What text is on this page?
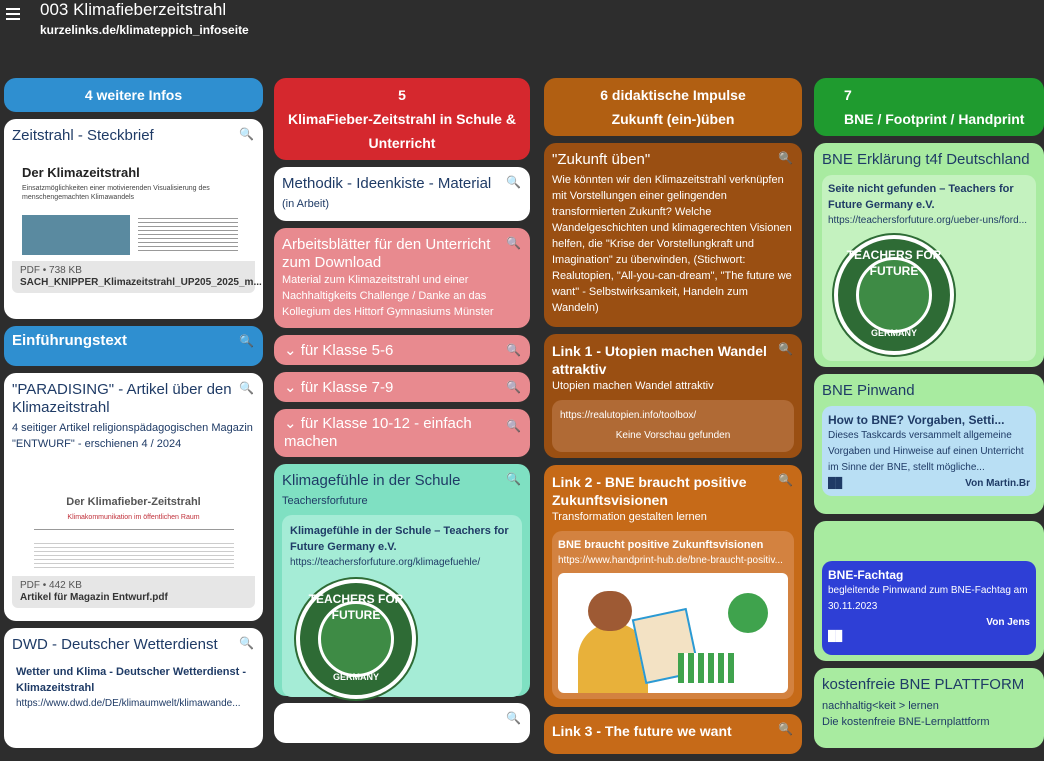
003 Klimafieberzeitstrahl
kurzelinks.de/klimateppich_infoseite
4 weitere Infos
Zeitstrahl - Steckbrief	🔍
Der Klimazeitstrahl
Einsatzmöglichkeiten einer motivierenden Visualisierung des menschengemachten Klimawandels
PDF • 738 KB
SACH_KNIPPER_Klimazeitstrahl_UP205_2025_m...
Einführungstext	🔍
"PARADISING" - Artikel über den Klimazeitstrahl
🔍

4 seitiger Artikel religionspädagogischen Magazin "ENTWURF" - erschienen 4 / 2024

Der Klimafieber-Zeitstrahl
Klimakommunikation im öffentlichen Raum
PDF • 442 KB
Artikel für Magazin Entwurf.pdf
DWD - Deutscher Wetterdienst	🔍
Wetter und Klima - Deutscher Wetterdienst - Klimazeitstrahl
https://www.dwd.de/DE/klimaumwelt/klimawande...
5
KlimaFieber-Zeitstrahl in Schule & Unterricht
Methodik - Ideenkiste - Material	🔍

(in Arbeit)

Arbeitsblätter für den Unterricht zum Download
🔍

Material zum Klimazeitstrahl und einer Nachhaltigkeits Challenge / Danke an das Kollegium des Hittorf Gymnasiums Münster

⌄ für Klasse 5-6	🔍
⌄ für Klasse 7-9	🔍
⌄ für Klasse 10-12 - einfach machen
🔍
Klimagefühle in der Schule	🔍

Teachersforfuture

Klimagefühle in der Schule – Teachers for Future Germany e.V.
https://teachersforfuture.org/klimagefuehle/
TEACHERS FOR FUTURE
GERMANY
🔍
6 didaktische Impulse
Zukunft (ein-)üben
"Zukunft üben"	🔍

Wie könnten wir den Klimazeitstrahl verknüpfen mit Vorstellungen einer gelingenden transformierten Zukunft? Welche Wandelgeschichten und klimagerechten Visionen helfen, die "Krise der Vorstellungkraft und Imagination" zu überwinden, (Stichwort: Realutopien, "All-you-can-dream", "The future we want" - Selbstwirksamkeit, Handeln zum Wandeln)

Link 1 - Utopien machen Wandel attraktiv
🔍

Utopien machen Wandel attraktiv

https://realutopien.info/toolbox/
Keine Vorschau gefunden
Link 2 - BNE braucht positive Zukunftsvisionen
🔍

Transformation gestalten lernen

BNE braucht positive Zukunftsvisionen
https://www.handprint-hub.de/bne-braucht-positiv...
Link 3 - The future we want	🔍
7
BNE / Footprint / Handprint
BNE Erklärung t4f Deutschland
Seite nicht gefunden – Teachers for Future Germany e.V.
https://teachersforfuture.org/ueber-uns/ford...
TEACHERS FOR FUTURE
GERMANY
BNE Pinwand
How to BNE? Vorgaben, Setti...
Dieses Taskcards versammelt allgemeine Vorgaben und Hinweise auf einen Unterricht im Sinne der BNE, stellt mögliche...
██	Von Martin.Br
BNE-Fachtag
begleitende Pinnwand zum BNE-Fachtag am 30.11.2023
Von Jens
██
kostenfreie BNE PLATTFORM

nachhaltig<keit > lernen

Die kostenfreie BNE-Lernplattform
